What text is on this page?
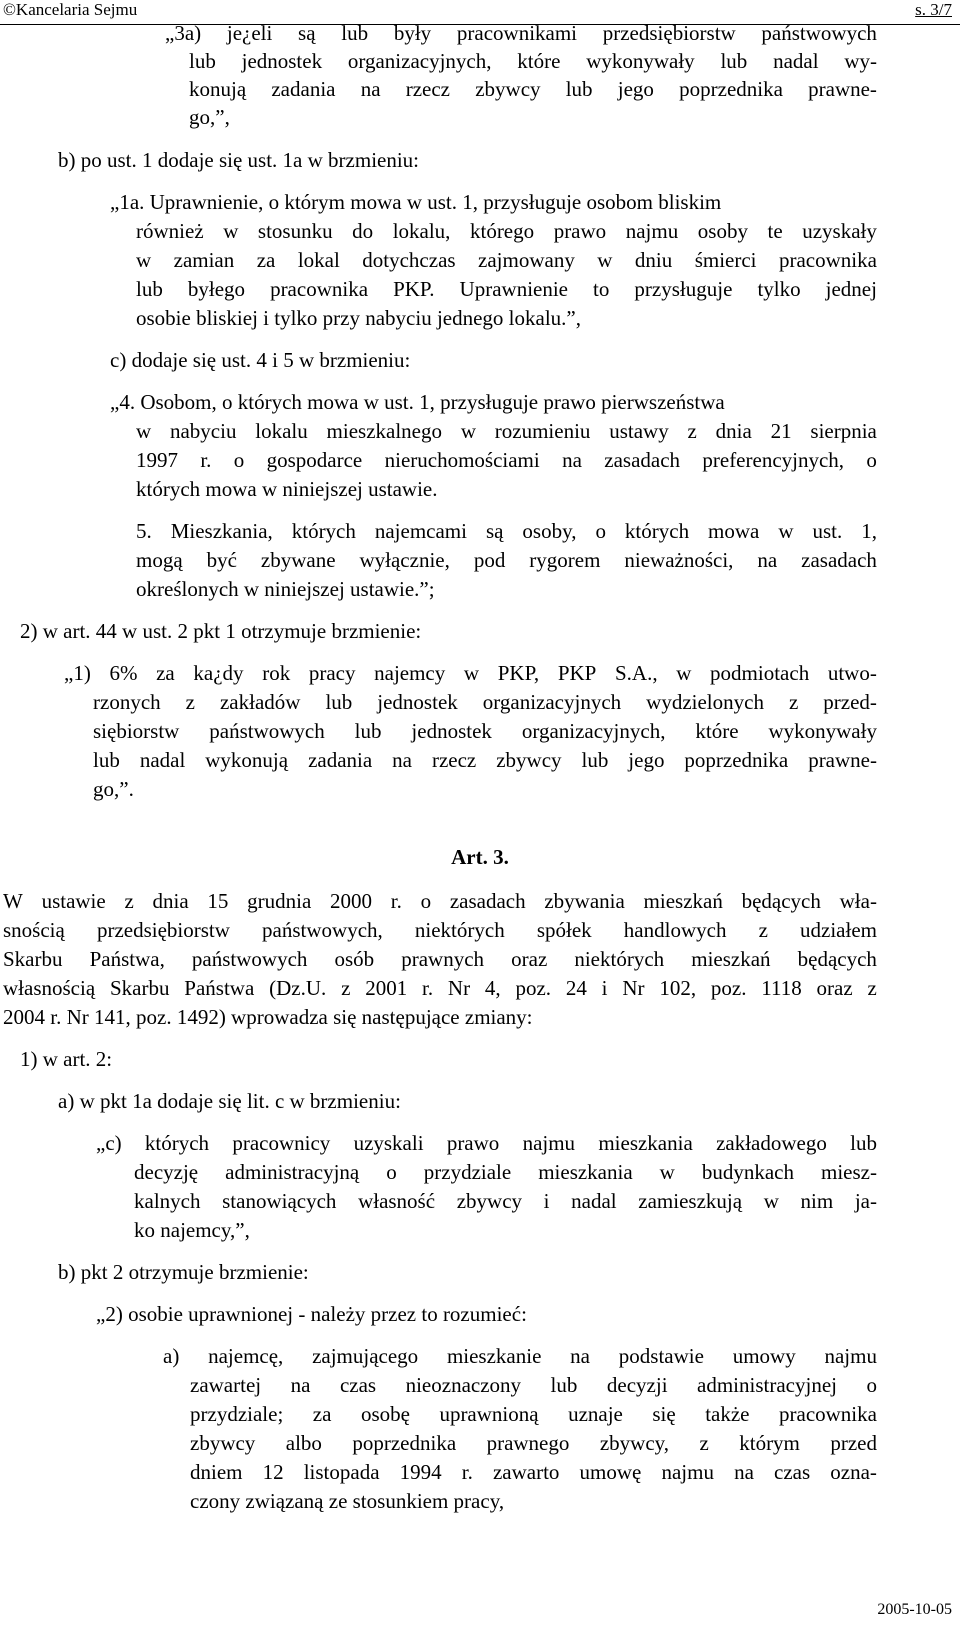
©Kancelaria Sejmu	s. 3/7
„3a) je¿eli są lub były pracownikami przedsiębiorstw państwowych
lub jednostek organizacyjnych, które wykonywały lub nadal wy-
konują zadania na rzecz zbywcy lub jego poprzednika prawne-
go,”,
b) po ust. 1 dodaje się ust. 1a w brzmieniu:
„1a. Uprawnienie, o którym mowa w ust. 1, przysługuje osobom bliskim
również w stosunku do lokalu, którego prawo najmu osoby te uzyskały
w zamian za lokal dotychczas zajmowany w dniu śmierci pracownika
lub byłego pracownika PKP. Uprawnienie to przysługuje tylko jednej
osobie bliskiej i tylko przy nabyciu jednego lokalu.”,
c) dodaje się ust. 4 i 5 w brzmieniu:
„4. Osobom, o których mowa w ust. 1, przysługuje prawo pierwszeństwa
w nabyciu lokalu mieszkalnego w rozumieniu ustawy z dnia 21 sierpnia
1997 r. o gospodarce nieruchomościami na zasadach preferencyjnych, o
których mowa w niniejszej ustawie.
5. Mieszkania, których najemcami są osoby, o których mowa w ust. 1,
mogą być zbywane wyłącznie, pod rygorem nieważności, na zasadach
określonych w niniejszej ustawie.”;
2) w art. 44 w ust. 2 pkt 1 otrzymuje brzmienie:
„1) 6% za ka¿dy rok pracy najemcy w PKP, PKP S.A., w podmiotach utwo-
rzonych z zakładów lub jednostek organizacyjnych wydzielonych z przed-
siębiorstw państwowych lub jednostek organizacyjnych, które wykonywały
lub nadal wykonują zadania na rzecz zbywcy lub jego poprzednika prawne-
go,”.
W ustawie z dnia 15 grudnia 2000 r. o zasadach zbywania mieszkań będących wła-
snością przedsiębiorstw państwowych, niektórych spółek handlowych z udziałem
Skarbu Państwa, państwowych osób prawnych oraz niektórych mieszkań będących
własnością Skarbu Państwa (Dz.U. z 2001 r. Nr 4, poz. 24 i Nr 102, poz. 1118 oraz z
2004 r. Nr 141, poz. 1492) wprowadza się następujące zmiany:
1) w art. 2:
a) w pkt 1a dodaje się lit. c w brzmieniu:
„c) których pracownicy uzyskali prawo najmu mieszkania zakładowego lub
decyzję administracyjną o przydziale mieszkania w budynkach miesz-
kalnych stanowiących własność zbywcy i nadal zamieszkują w nim ja-
ko najemcy,”,
b) pkt 2 otrzymuje brzmienie:
„2) osobie uprawnionej - należy przez to rozumieć:
a) najemcę, zajmującego mieszkanie na podstawie umowy najmu
zawartej na czas nieoznaczony lub decyzji administracyjnej o
przydziale; za osobę uprawnioną uznaje się także pracownika
zbywcy albo poprzednika prawnego zbywcy, z którym przed
dniem 12 listopada 1994 r. zawarto umowę najmu na czas ozna-
czony związaną ze stosunkiem pracy,
Art. 3.
2005-10-05
